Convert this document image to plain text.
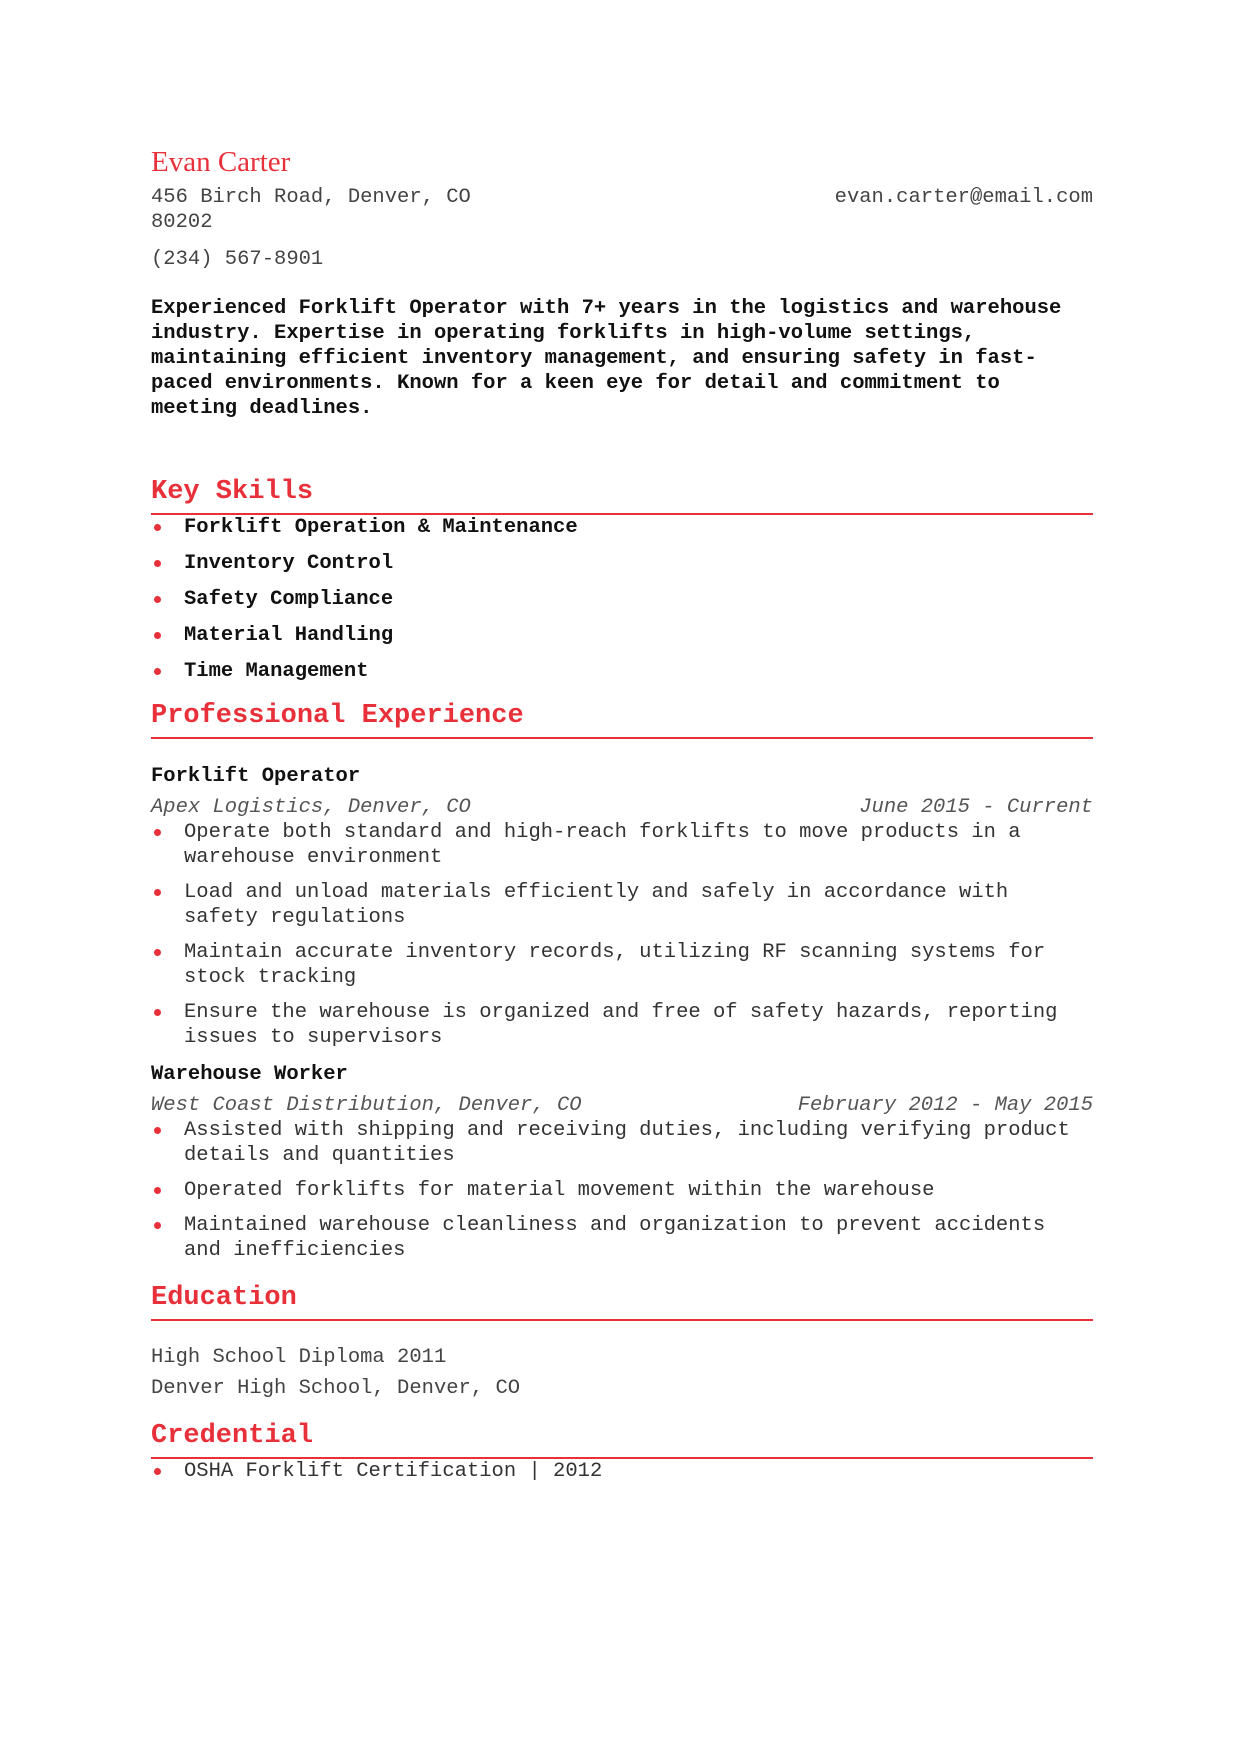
Evan Carter
456 Birch Road, Denver, CO 80202
evan.carter@email.com
(234) 567-8901
Experienced Forklift Operator with 7+ years in the logistics and warehouse industry. Expertise in operating forklifts in high-volume settings, maintaining efficient inventory management, and ensuring safety in fast-paced environments. Known for a keen eye for detail and commitment to meeting deadlines.
Key Skills
Forklift Operation & Maintenance
Inventory Control
Safety Compliance
Material Handling
Time Management
Professional Experience
Forklift Operator
Apex Logistics, Denver, CO	June 2015 - Current
Operate both standard and high-reach forklifts to move products in a warehouse environment
Load and unload materials efficiently and safely in accordance with safety regulations
Maintain accurate inventory records, utilizing RF scanning systems for stock tracking
Ensure the warehouse is organized and free of safety hazards, reporting issues to supervisors
Warehouse Worker
West Coast Distribution, Denver, CO	February 2012 - May 2015
Assisted with shipping and receiving duties, including verifying product details and quantities
Operated forklifts for material movement within the warehouse
Maintained warehouse cleanliness and organization to prevent accidents and inefficiencies
Education
High School Diploma 2011
Denver High School, Denver, CO
Credential
OSHA Forklift Certification | 2012
